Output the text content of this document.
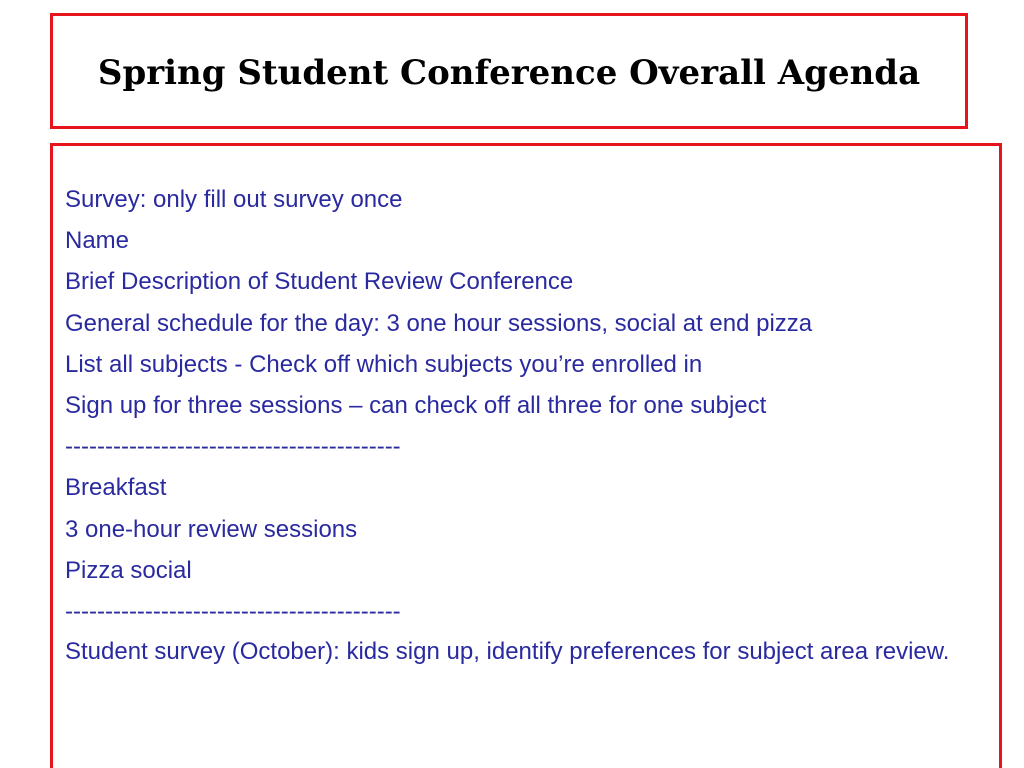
Spring Student Conference Overall Agenda
Survey: only fill out survey once
Name
Brief Description of Student Review Conference
General schedule for the day: 3 one hour sessions, social at end pizza
List all subjects - Check off which subjects you’re enrolled in
Sign up for three sessions – can check off all three for one subject
------------------------------------------
Breakfast
3 one-hour review sessions
Pizza social
------------------------------------------
Student survey (October): kids sign up, identify preferences for subject area review.
